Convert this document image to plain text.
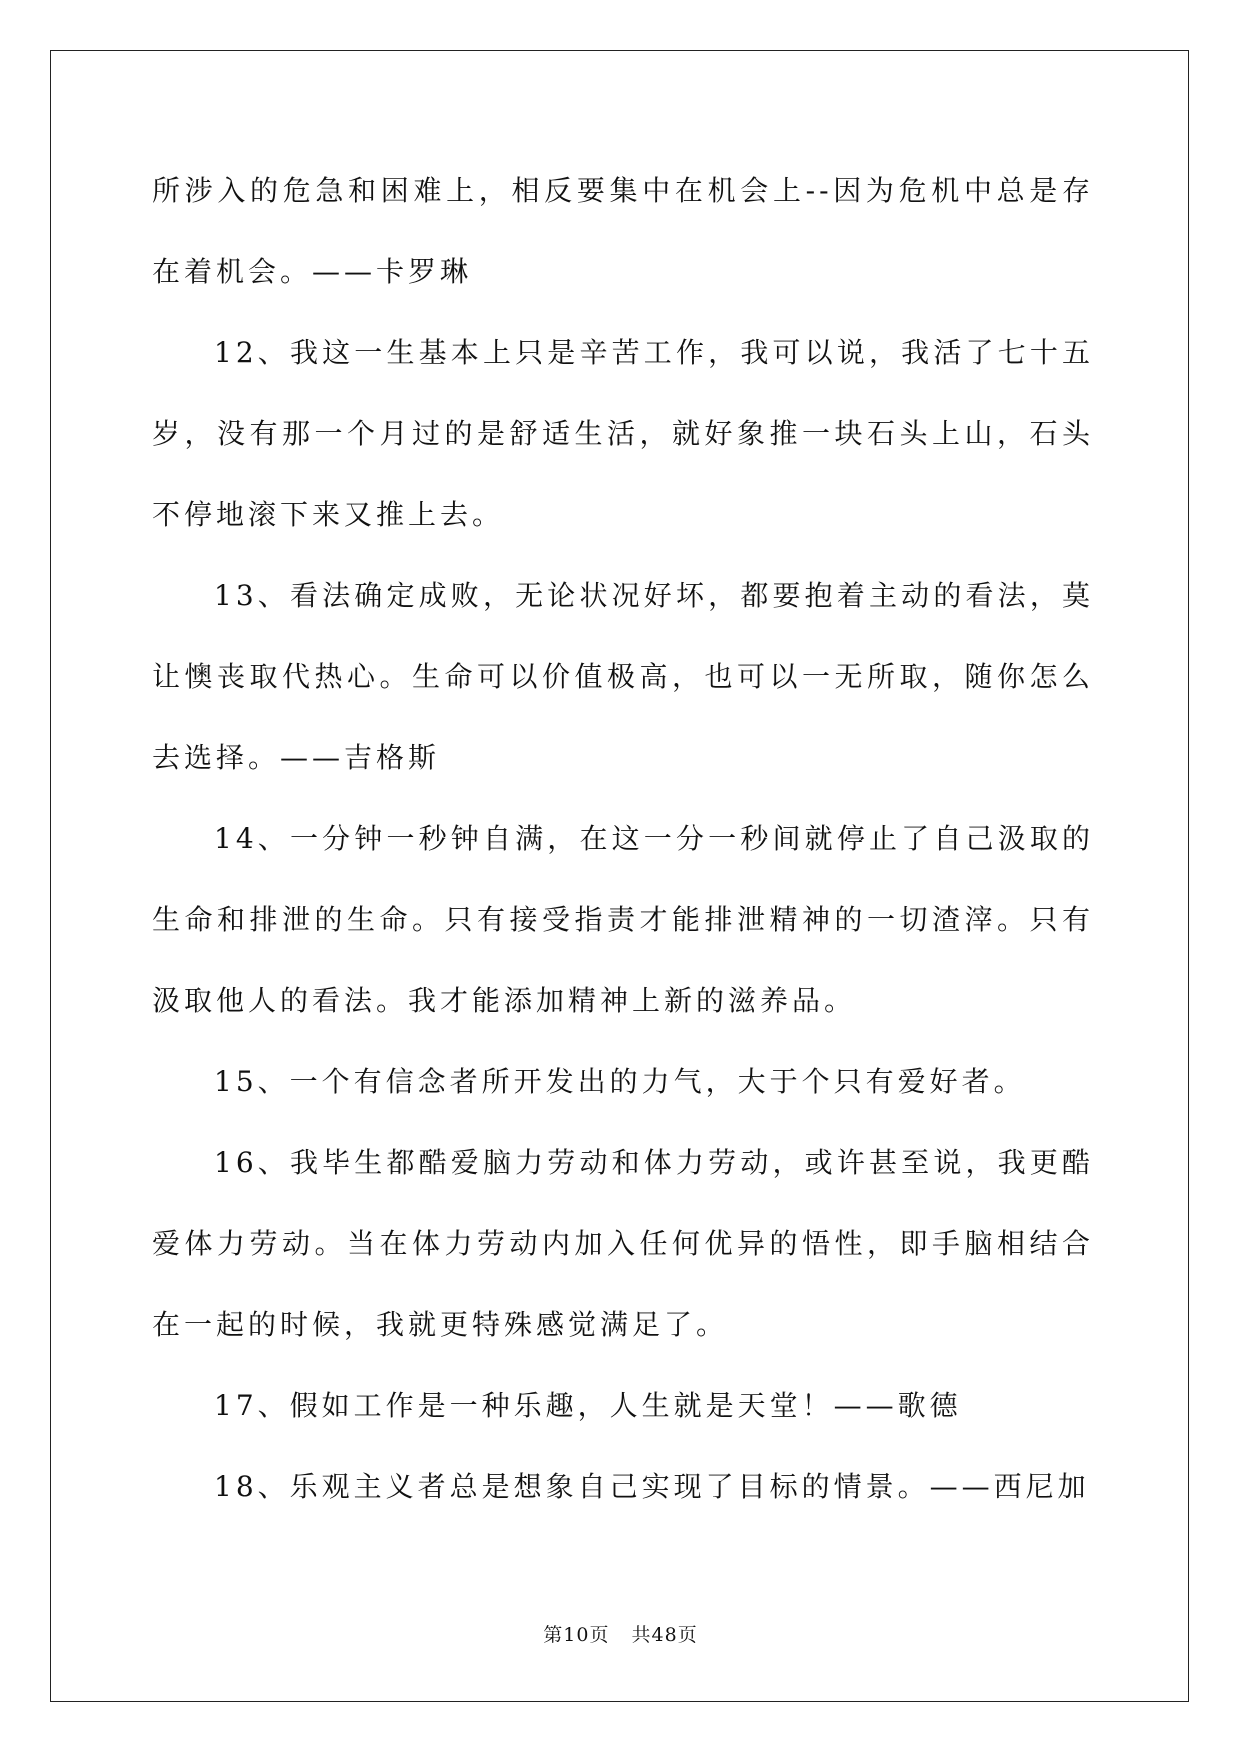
所涉入的危急和困难上，相反要集中在机会上--因为危机中总是存在着机会。——卡罗琳

12、我这一生基本上只是辛苦工作，我可以说，我活了七十五岁，没有那一个月过的是舒适生活，就好象推一块石头上山，石头不停地滚下来又推上去。

13、看法确定成败，无论状况好坏，都要抱着主动的看法，莫让懊丧取代热心。生命可以价值极高，也可以一无所取，随你怎么去选择。——吉格斯

14、一分钟一秒钟自满，在这一分一秒间就停止了自己汲取的生命和排泄的生命。只有接受指责才能排泄精神的一切渣滓。只有汲取他人的看法。我才能添加精神上新的滋养品。

15、一个有信念者所开发出的力气，大于个只有爱好者。

16、我毕生都酷爱脑力劳动和体力劳动，或许甚至说，我更酷爱体力劳动。当在体力劳动内加入任何优异的悟性，即手脑相结合在一起的时候，我就更特殊感觉满足了。

17、假如工作是一种乐趣，人生就是天堂！——歌德

18、乐观主义者总是想象自己实现了目标的情景。——西尼加

第10页 共48页
